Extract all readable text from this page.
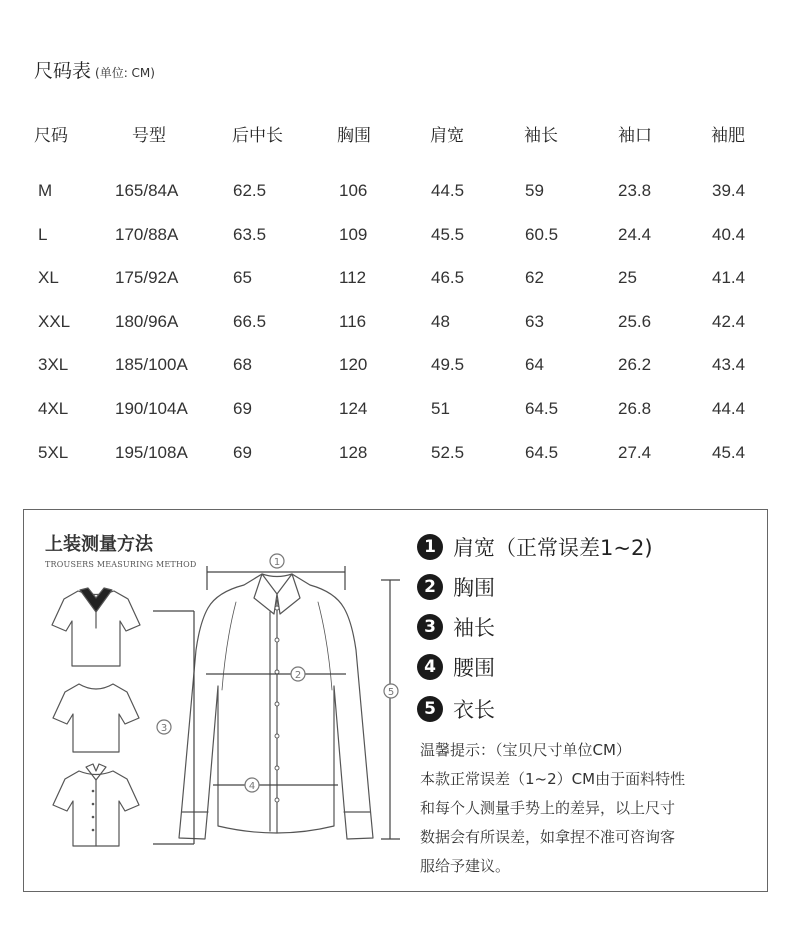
尺码表 (单位: CM)
尺码	号型	后中长	胸围	肩宽	袖长	袖口	袖肥
M	165/84A	62.5	106	44.5	59	23.8	39.4
L	170/88A	63.5	109	45.5	60.5	24.4	40.4
XL	175/92A	65	112	46.5	62	25	41.4
XXL	180/96A	66.5	116	48	63	25.6	42.4
3XL	185/100A	68	120	49.5	64	26.2	43.4
4XL	190/104A	69	124	51	64.5	26.8	44.4
5XL	195/108A	69	128	52.5	64.5	27.4	45.4
上装测量方法
TROUSERS MEASURING METHOD
1 肩宽（正常误差1~2)
2 胸围
3 袖长
4 腰围
5 衣长
温馨提示：（宝贝尺寸单位CM）
本款正常误差（1~2）CM由于面料特性
和每个人测量手势上的差异，以上尺寸
数据会有所误差，如拿捏不准可咨询客
服给予建议。
1
2
3
4
5
